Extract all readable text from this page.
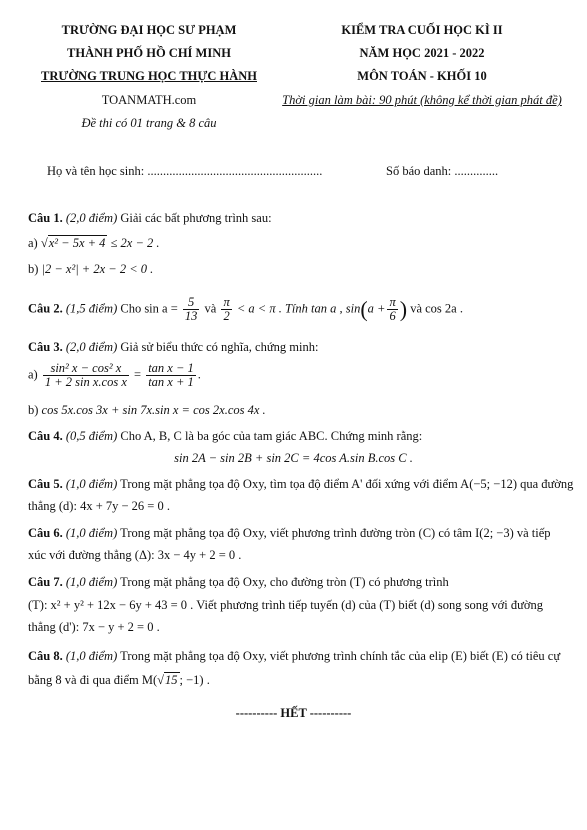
TRƯỜNG ĐẠI HỌC SƯ PHẠM
THÀNH PHỐ HỒ CHÍ MINH
TRƯỜNG TRUNG HỌC THỰC HÀNH
TOANMATH.com
Đề thi có 01 trang & 8 câu
KIỂM TRA CUỐI HỌC KÌ II
NĂM HỌC 2021 - 2022
MÔN TOÁN - KHỐI 10
Thời gian làm bài: 90 phút (không kể thời gian phát đề)
Họ và tên học sinh: ........................................................	Số báo danh: ..............
Câu 1. (2,0 điểm) Giải các bất phương trình sau:
a) √x² − 5x + 4 ≤ 2x − 2 .
b) |2 − x²| + 2x − 2 < 0 .
Câu 2. (1,5 điểm) Cho $\sin a = \frac{5}{13}$ và $\frac{\pi}{2} < a < \pi$ . Tính tan a , $\sin(a + \frac{\pi}{6}$ ) và cos 2a .
Câu 3. (2,0 điểm) Giả sử biểu thức có nghĩa, chứng minh:
$a) \frac{\text{sin² x − cos² x}}{\text{1 + 2 sin x.cos x}} = \frac{\text{tan x − 1}}{\text{tan x + 1}}$ .
b) cos 5x.cos 3x + sin 7x.sin x = cos 2x.cos 4x .
Câu 4. (0,5 điểm) Cho A, B, C là ba góc của tam giác ABC. Chứng minh rằng:
sin 2A − sin 2B + sin 2C = 4cos A.sin B.cos C .
Câu 5. (1,0 điểm) Trong mặt phẳng tọa độ Oxy, tìm tọa độ điểm A' đối xứng với điểm A(−5; −12) qua đường
thẳng (d): 4x + 7y − 26 = 0 .
Câu 6. (1,0 điểm) Trong mặt phẳng tọa độ Oxy, viết phương trình đường tròn (C) có tâm I(2; −3) và tiếp
xúc với đường thẳng (Δ): 3x − 4y + 2 = 0 .
Câu 7. (1,0 điểm) Trong mặt phẳng tọa độ Oxy, cho đường tròn (T) có phương trình
(T): x² + y² + 12x − 6y + 43 = 0 . Viết phương trình tiếp tuyến (d) của (T) biết (d) song song với đường
thẳng (d'): 7x − y + 2 = 0 .
Câu 8. (1,0 điểm) Trong mặt phẳng tọa độ Oxy, viết phương trình chính tắc của elip (E) biết (E) có tiêu cự
bằng 8 và đi qua điểm M(√15 ; −1) .
---------- HẾT ----------
